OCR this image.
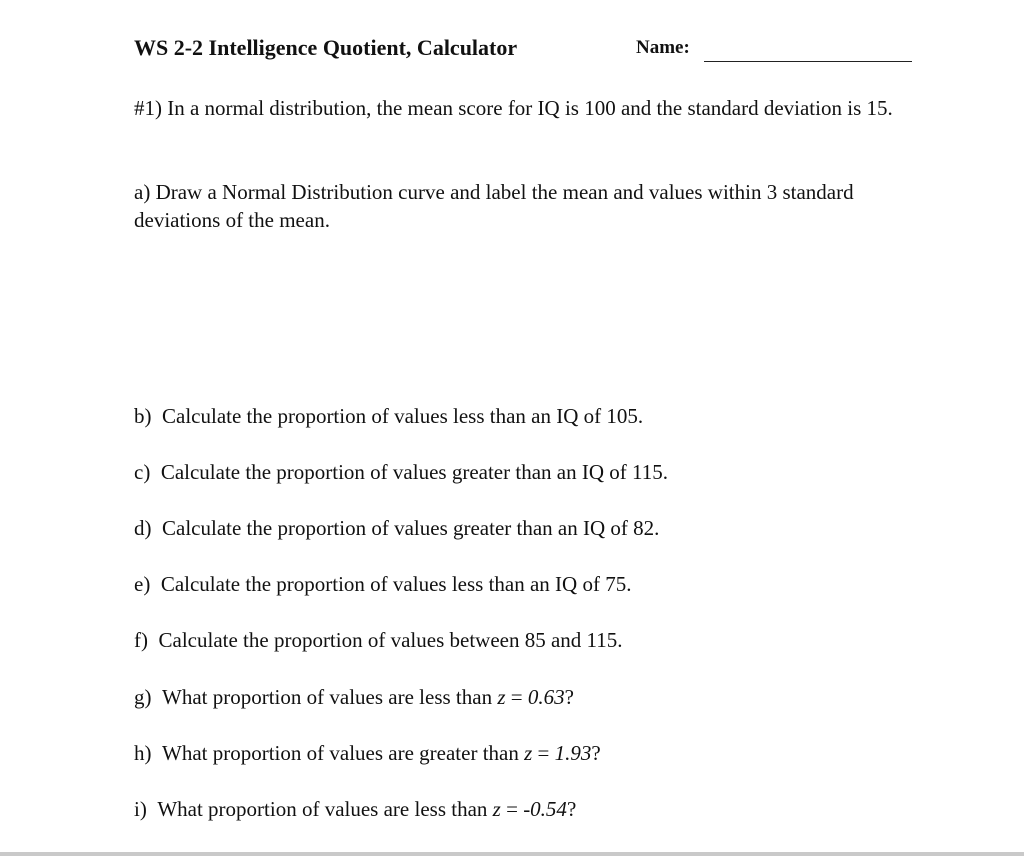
WS 2-2 Intelligence Quotient, Calculator	Name:
#1) In a normal distribution, the mean score for IQ is 100 and the standard deviation is 15.
a) Draw a Normal Distribution curve and label the mean and values within 3 standard deviations of the mean.
b) Calculate the proportion of values less than an IQ of 105.
c) Calculate the proportion of values greater than an IQ of 115.
d) Calculate the proportion of values greater than an IQ of 82.
e) Calculate the proportion of values less than an IQ of 75.
f) Calculate the proportion of values between 85 and 115.
g) What proportion of values are less than z = 0.63?
h) What proportion of values are greater than z = 1.93?
i) What proportion of values are less than z = -0.54?
